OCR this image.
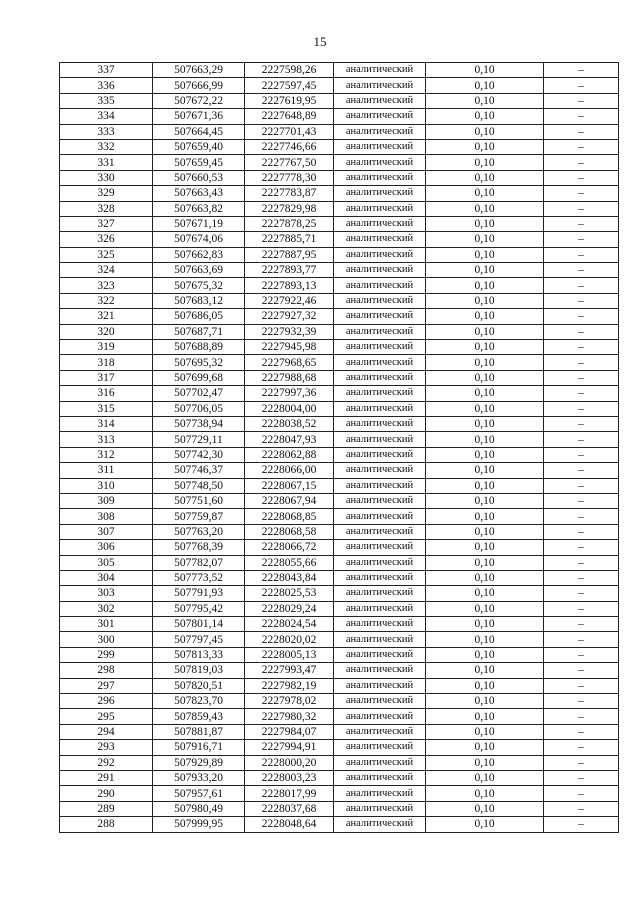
15
337	507663,29	2227598,26	аналитический	0,10	–
336	507666,99	2227597,45	аналитический	0,10	–
335	507672,22	2227619,95	аналитический	0,10	–
334	507671,36	2227648,89	аналитический	0,10	–
333	507664,45	2227701,43	аналитический	0,10	–
332	507659,40	2227746,66	аналитический	0,10	–
331	507659,45	2227767,50	аналитический	0,10	–
330	507660,53	2227778,30	аналитический	0,10	–
329	507663,43	2227783,87	аналитический	0,10	–
328	507663,82	2227829,98	аналитический	0,10	–
327	507671,19	2227878,25	аналитический	0,10	–
326	507674,06	2227885,71	аналитический	0,10	–
325	507662,83	2227887,95	аналитический	0,10	–
324	507663,69	2227893,77	аналитический	0,10	–
323	507675,32	2227893,13	аналитический	0,10	–
322	507683,12	2227922,46	аналитический	0,10	–
321	507686,05	2227927,32	аналитический	0,10	–
320	507687,71	2227932,39	аналитический	0,10	–
319	507688,89	2227945,98	аналитический	0,10	–
318	507695,32	2227968,65	аналитический	0,10	–
317	507699,68	2227988,68	аналитический	0,10	–
316	507702,47	2227997,36	аналитический	0,10	–
315	507706,05	2228004,00	аналитический	0,10	–
314	507738,94	2228038,52	аналитический	0,10	–
313	507729,11	2228047,93	аналитический	0,10	–
312	507742,30	2228062,88	аналитический	0,10	–
311	507746,37	2228066,00	аналитический	0,10	–
310	507748,50	2228067,15	аналитический	0,10	–
309	507751,60	2228067,94	аналитический	0,10	–
308	507759,87	2228068,85	аналитический	0,10	–
307	507763,20	2228068,58	аналитический	0,10	–
306	507768,39	2228066,72	аналитический	0,10	–
305	507782,07	2228055,66	аналитический	0,10	–
304	507773,52	2228043,84	аналитический	0,10	–
303	507791,93	2228025,53	аналитический	0,10	–
302	507795,42	2228029,24	аналитический	0,10	–
301	507801,14	2228024,54	аналитический	0,10	–
300	507797,45	2228020,02	аналитический	0,10	–
299	507813,33	2228005,13	аналитический	0,10	–
298	507819,03	2227993,47	аналитический	0,10	–
297	507820,51	2227982,19	аналитический	0,10	–
296	507823,70	2227978,02	аналитический	0,10	–
295	507859,43	2227980,32	аналитический	0,10	–
294	507881,87	2227984,07	аналитический	0,10	–
293	507916,71	2227994,91	аналитический	0,10	–
292	507929,89	2228000,20	аналитический	0,10	–
291	507933,20	2228003,23	аналитический	0,10	–
290	507957,61	2228017,99	аналитический	0,10	–
289	507980,49	2228037,68	аналитический	0,10	–
288	507999,95	2228048,64	аналитический	0,10	–
